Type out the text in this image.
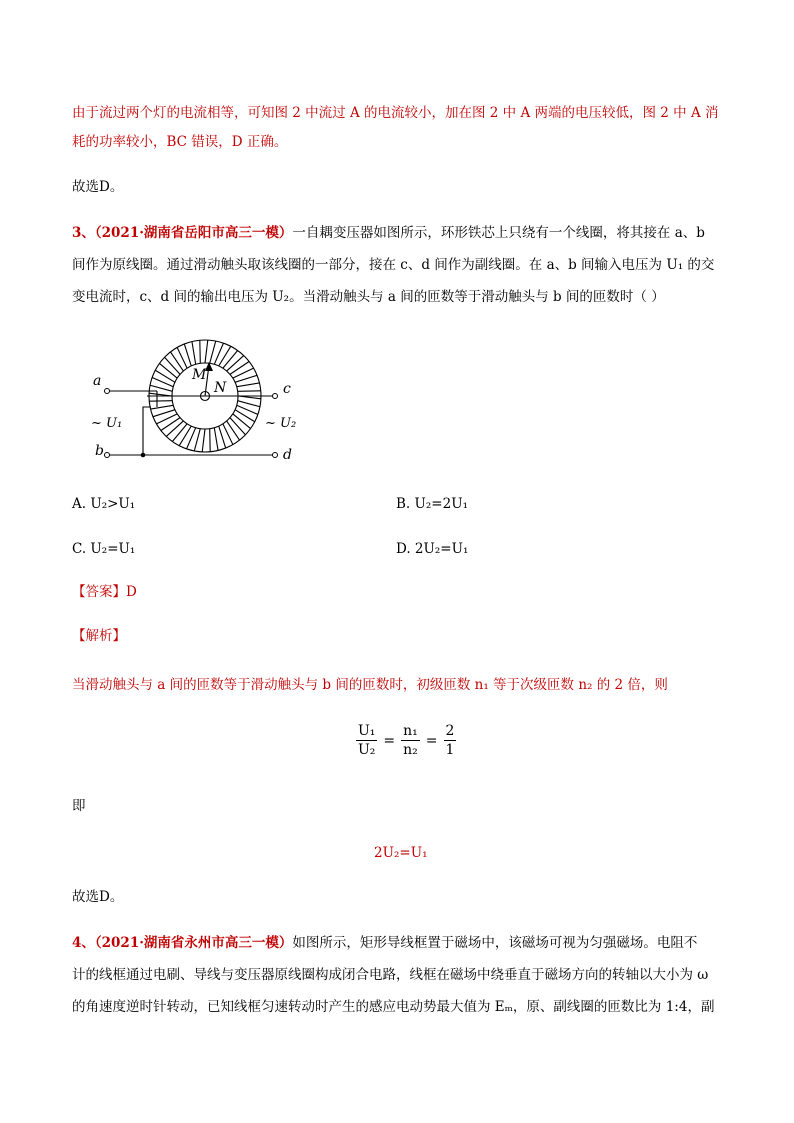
由于流过两个灯的电流相等，可知图 2 中流过 A 的电流较小，加在图 2 中 A 两端的电压较低，图 2 中 A 消
耗的功率较小，BC 错误，D 正确。
故选D。
3、（2021·湖南省岳阳市高三一模）一自耦变压器如图所示，环形铁芯上只绕有一个线圈，将其接在 a、b
间作为原线圈。通过滑动触头取该线圈的一部分，接在 c、d 间作为副线圈。在 a、b 间输入电压为 U₁ 的交
变电流时，c、d 间的输出电压为 U₂。当滑动触头与 a 间的匝数等于滑动触头与 b 间的匝数时（ ）
a
b
c
d
M
N
~ U₁	~ U₂
A. U₂>U₁	B. U₂=2U₁
C. U₂=U₁	D. 2U₂=U₁
【答案】D
【解析】
当滑动触头与 a 间的匝数等于滑动触头与 b 间的匝数时，初级匝数 n₁ 等于次级匝数 n₂ 的 2 倍，则
$\frac{\text{U₁}}{\text{U₂}} = \frac{\text{n₁}}{\text{n₂}} = \frac{2}{1}$
即
2U₂=U₁
故选D。
4、（2021·湖南省永州市高三一模）如图所示，矩形导线框置于磁场中，该磁场可视为匀强磁场。电阻不
计的线框通过电刷、导线与变压器原线圈构成闭合电路，线框在磁场中绕垂直于磁场方向的转轴以大小为 ω
的角速度逆时针转动，已知线框匀速转动时产生的感应电动势最大值为 Eₘ，原、副线圈的匝数比为 1:4，副
